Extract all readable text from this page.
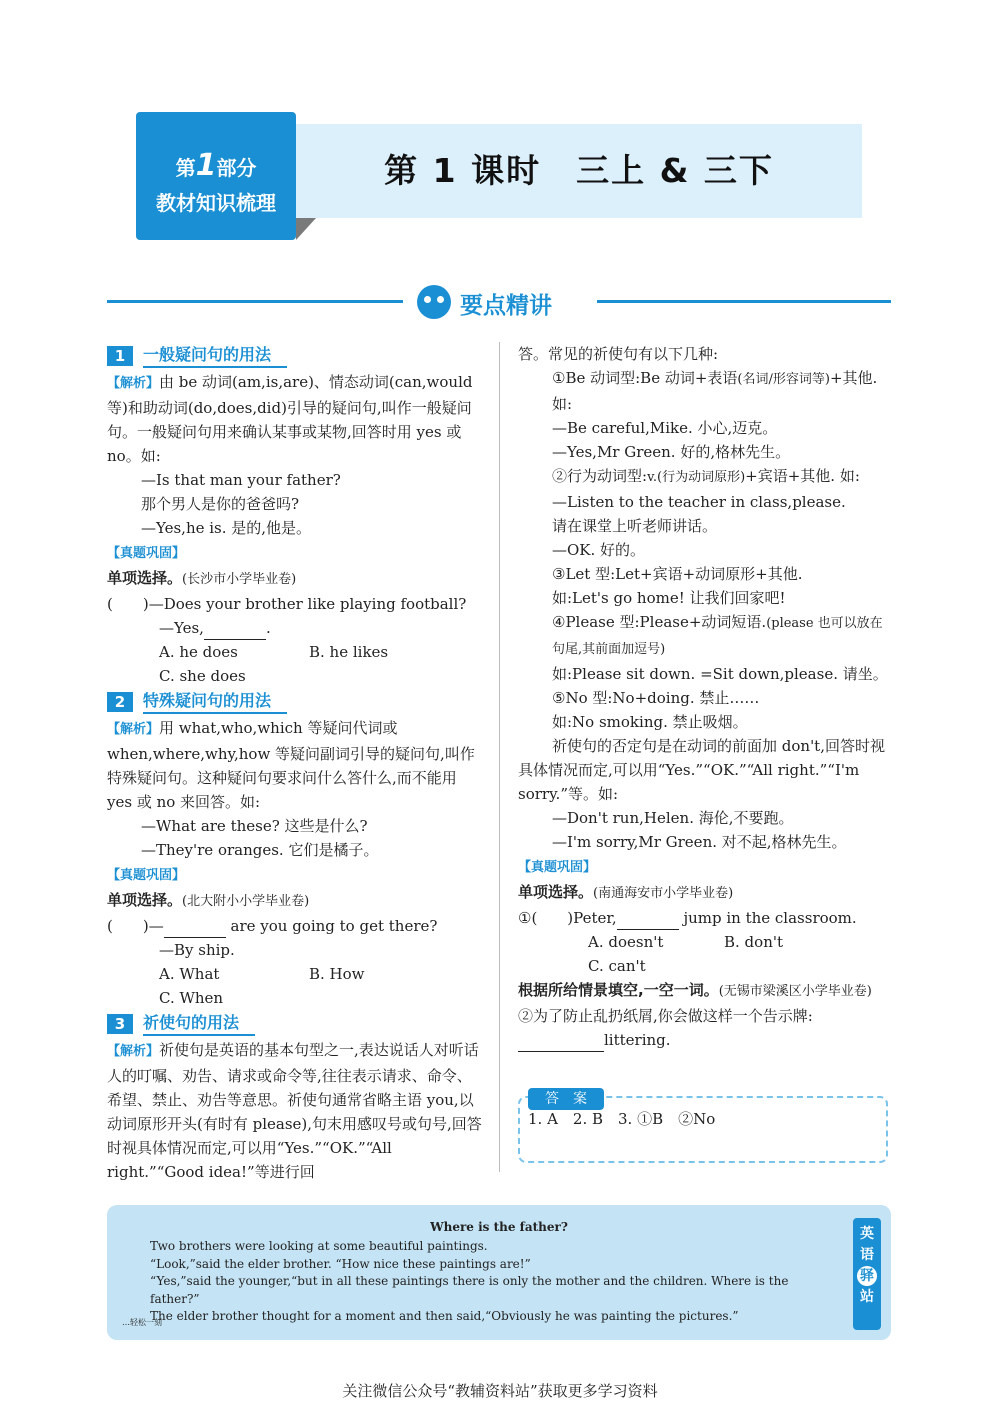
第 1 课时　三上 & 三下
第1部分
教材知识梳理
要点精讲
1	一般疑问句的用法

【解析】由 be 动词(am,is,are)、情态动词(can,would 等)和助动词(do,does,did)引导的疑问句,叫作一般疑问句。一般疑问句用来确认某事或某物,回答时用 yes 或 no。如:

—Is that man your father?

那个男人是你的爸爸吗?

—Yes,he is. 是的,他是。

【真题巩固】

单项选择。(长沙市小学毕业卷)

(　　)—Does your brother like playing football?

—Yes,	.

A. he does	B. he likes

C. she does

2	特殊疑问句的用法

【解析】用 what,who,which 等疑问代词或 when,where,why,how 等疑问副词引导的疑问句,叫作特殊疑问句。这种疑问句要求问什么答什么,而不能用 yes 或 no 来回答。如:

—What are these? 这些是什么?

—They're oranges. 它们是橘子。

【真题巩固】

单项选择。(北大附小小学毕业卷)

(　　)—	are you going to get there?

—By ship.

A. What	B. How

C. When

3	祈使句的用法

【解析】祈使句是英语的基本句型之一,表达说话人对听话人的叮嘱、劝告、请求或命令等,往往表示请求、命令、希望、禁止、劝告等意思。祈使句通常省略主语 you,以动词原形开头(有时有 please),句末用感叹号或句号,回答时视具体情况而定,可以用“Yes.”“OK.”“All right.”“Good idea!”等进行回

答。常见的祈使句有以下几种:

①Be 动词型:Be 动词+表语(名词/形容词等)+其他. 如:

—Be careful,Mike. 小心,迈克。

—Yes,Mr Green. 好的,格林先生。

②行为动词型:v.(行为动词原形)+宾语+其他. 如:

—Listen to the teacher in class,please.

请在课堂上听老师讲话。

—OK. 好的。

③Let 型:Let+宾语+动词原形+其他.

如:Let's go home! 让我们回家吧!

④Please 型:Please+动词短语.(please 也可以放在句尾,其前面加逗号)

如:Please sit down. =Sit down,please. 请坐。

⑤No 型:No+doing. 禁止……

如:No smoking. 禁止吸烟。

祈使句的否定句是在动词的前面加 don't,回答时视具体情况而定,可以用“Yes.”“OK.”“All right.”“I'm sorry.”等。如:

—Don't run,Helen. 海伦,不要跑。

—I'm sorry,Mr Green. 对不起,格林先生。

【真题巩固】

单项选择。(南通海安市小学毕业卷)

①(　　)Peter,	jump in the classroom.

A. doesn't	B. don't

C. can't

根据所给情景填空,一空一词。(无锡市梁溪区小学毕业卷)

②为了防止乱扔纸屑,你会做这样一个告示牌:

littering.

答　案
1. A　2. B　3. ①B　②No
Where is the father?
Two brothers were looking at some beautiful paintings.
“Look,”said the elder brother. “How nice these paintings are!”
“Yes,”said the younger,“but in all these paintings there is only the mother and the children. Where is the father?”
The elder brother thought for a moment and then said,“Obviously he was painting the pictures.”
…轻松一刻
英
语
驿
站
关注微信公众号“教辅资料站”获取更多学习资料
